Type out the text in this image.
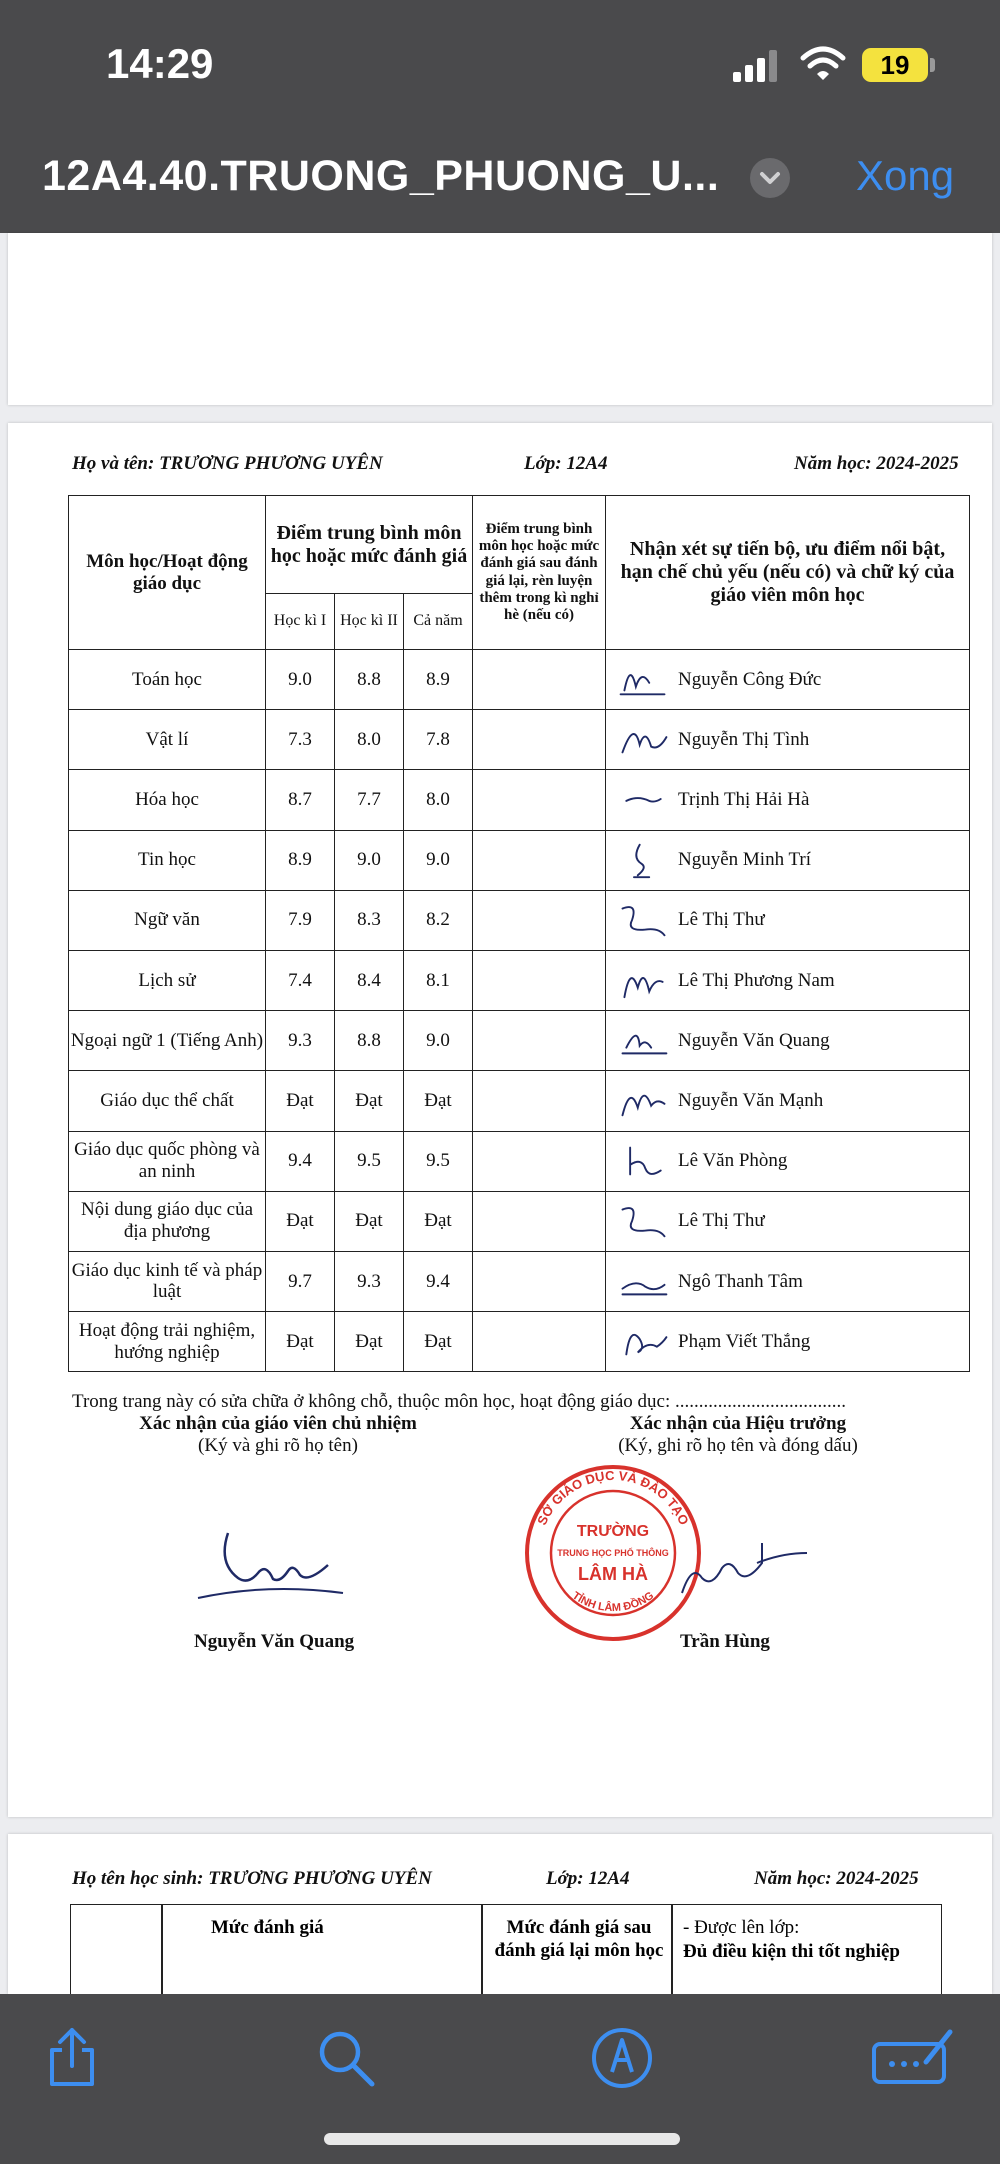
14:29	19
12A4.40.TRUONG_PHUONG_U...	Xong
Họ và tên: TRƯƠNG PHƯƠNG UYÊN	Lớp: 12A4	Năm học: 2024-2025
Môn học/Hoạt động giáo dục	Điểm trung bình môn học hoặc mức đánh giá			Điểm trung bình môn học hoặc mức đánh giá sau đánh giá lại, rèn luyện thêm trong kì nghỉ hè (nếu có)	Nhận xét sự tiến bộ, ưu điểm nổi bật, hạn chế chủ yếu (nếu có) và chữ ký của giáo viên môn học
	Học kì I	Học kì II	Cả năm		
Toán học	9.0	8.8	8.9		Nguyễn Công Đức
Vật lí	7.3	8.0	7.8		Nguyễn Thị Tình
Hóa học	8.7	7.7	8.0		Trịnh Thị Hải Hà
Tin học	8.9	9.0	9.0		Nguyễn Minh Trí
Ngữ văn	7.9	8.3	8.2		Lê Thị Thư
Lịch sử	7.4	8.4	8.1		Lê Thị Phương Nam
Ngoại ngữ 1 (Tiếng Anh)	9.3	8.8	9.0		Nguyễn Văn Quang
Giáo dục thể chất	Đạt	Đạt	Đạt		Nguyễn Văn Mạnh
Giáo dục quốc phòng và an ninh	9.4	9.5	9.5		Lê Văn Phòng
Nội dung giáo dục của địa phương	Đạt	Đạt	Đạt		Lê Thị Thư
Giáo dục kinh tế và pháp luật	9.7	9.3	9.4		Ngô Thanh Tâm
Hoạt động trải nghiệm, hướng nghiệp	Đạt	Đạt	Đạt		Phạm Viết Thắng
Trong trang này có sửa chữa ở không chỗ, thuộc môn học, hoạt động giáo dục: ....................................
Xác nhận của giáo viên chủ nhiệm
(Ký và ghi rõ họ tên)
Xác nhận của Hiệu trưởng
(Ký, ghi rõ họ tên và đóng dấu)
Nguyễn Văn Quang
SỞ GIÁO DỤC VÀ ĐÀO TẠO
TỈNH LÂM ĐỒNG
TRƯỜNG
TRUNG HỌC PHỔ THÔNG
LÂM HÀ
Trần Hùng
Họ tên học sinh: TRƯƠNG PHƯƠNG UYÊN	Lớp: 12A4	Năm học: 2024-2025
Mức đánh giá	Mức đánh giá sau đánh giá lại môn học
- Được lên lớp:
Đủ điều kiện thi tốt nghiệp
